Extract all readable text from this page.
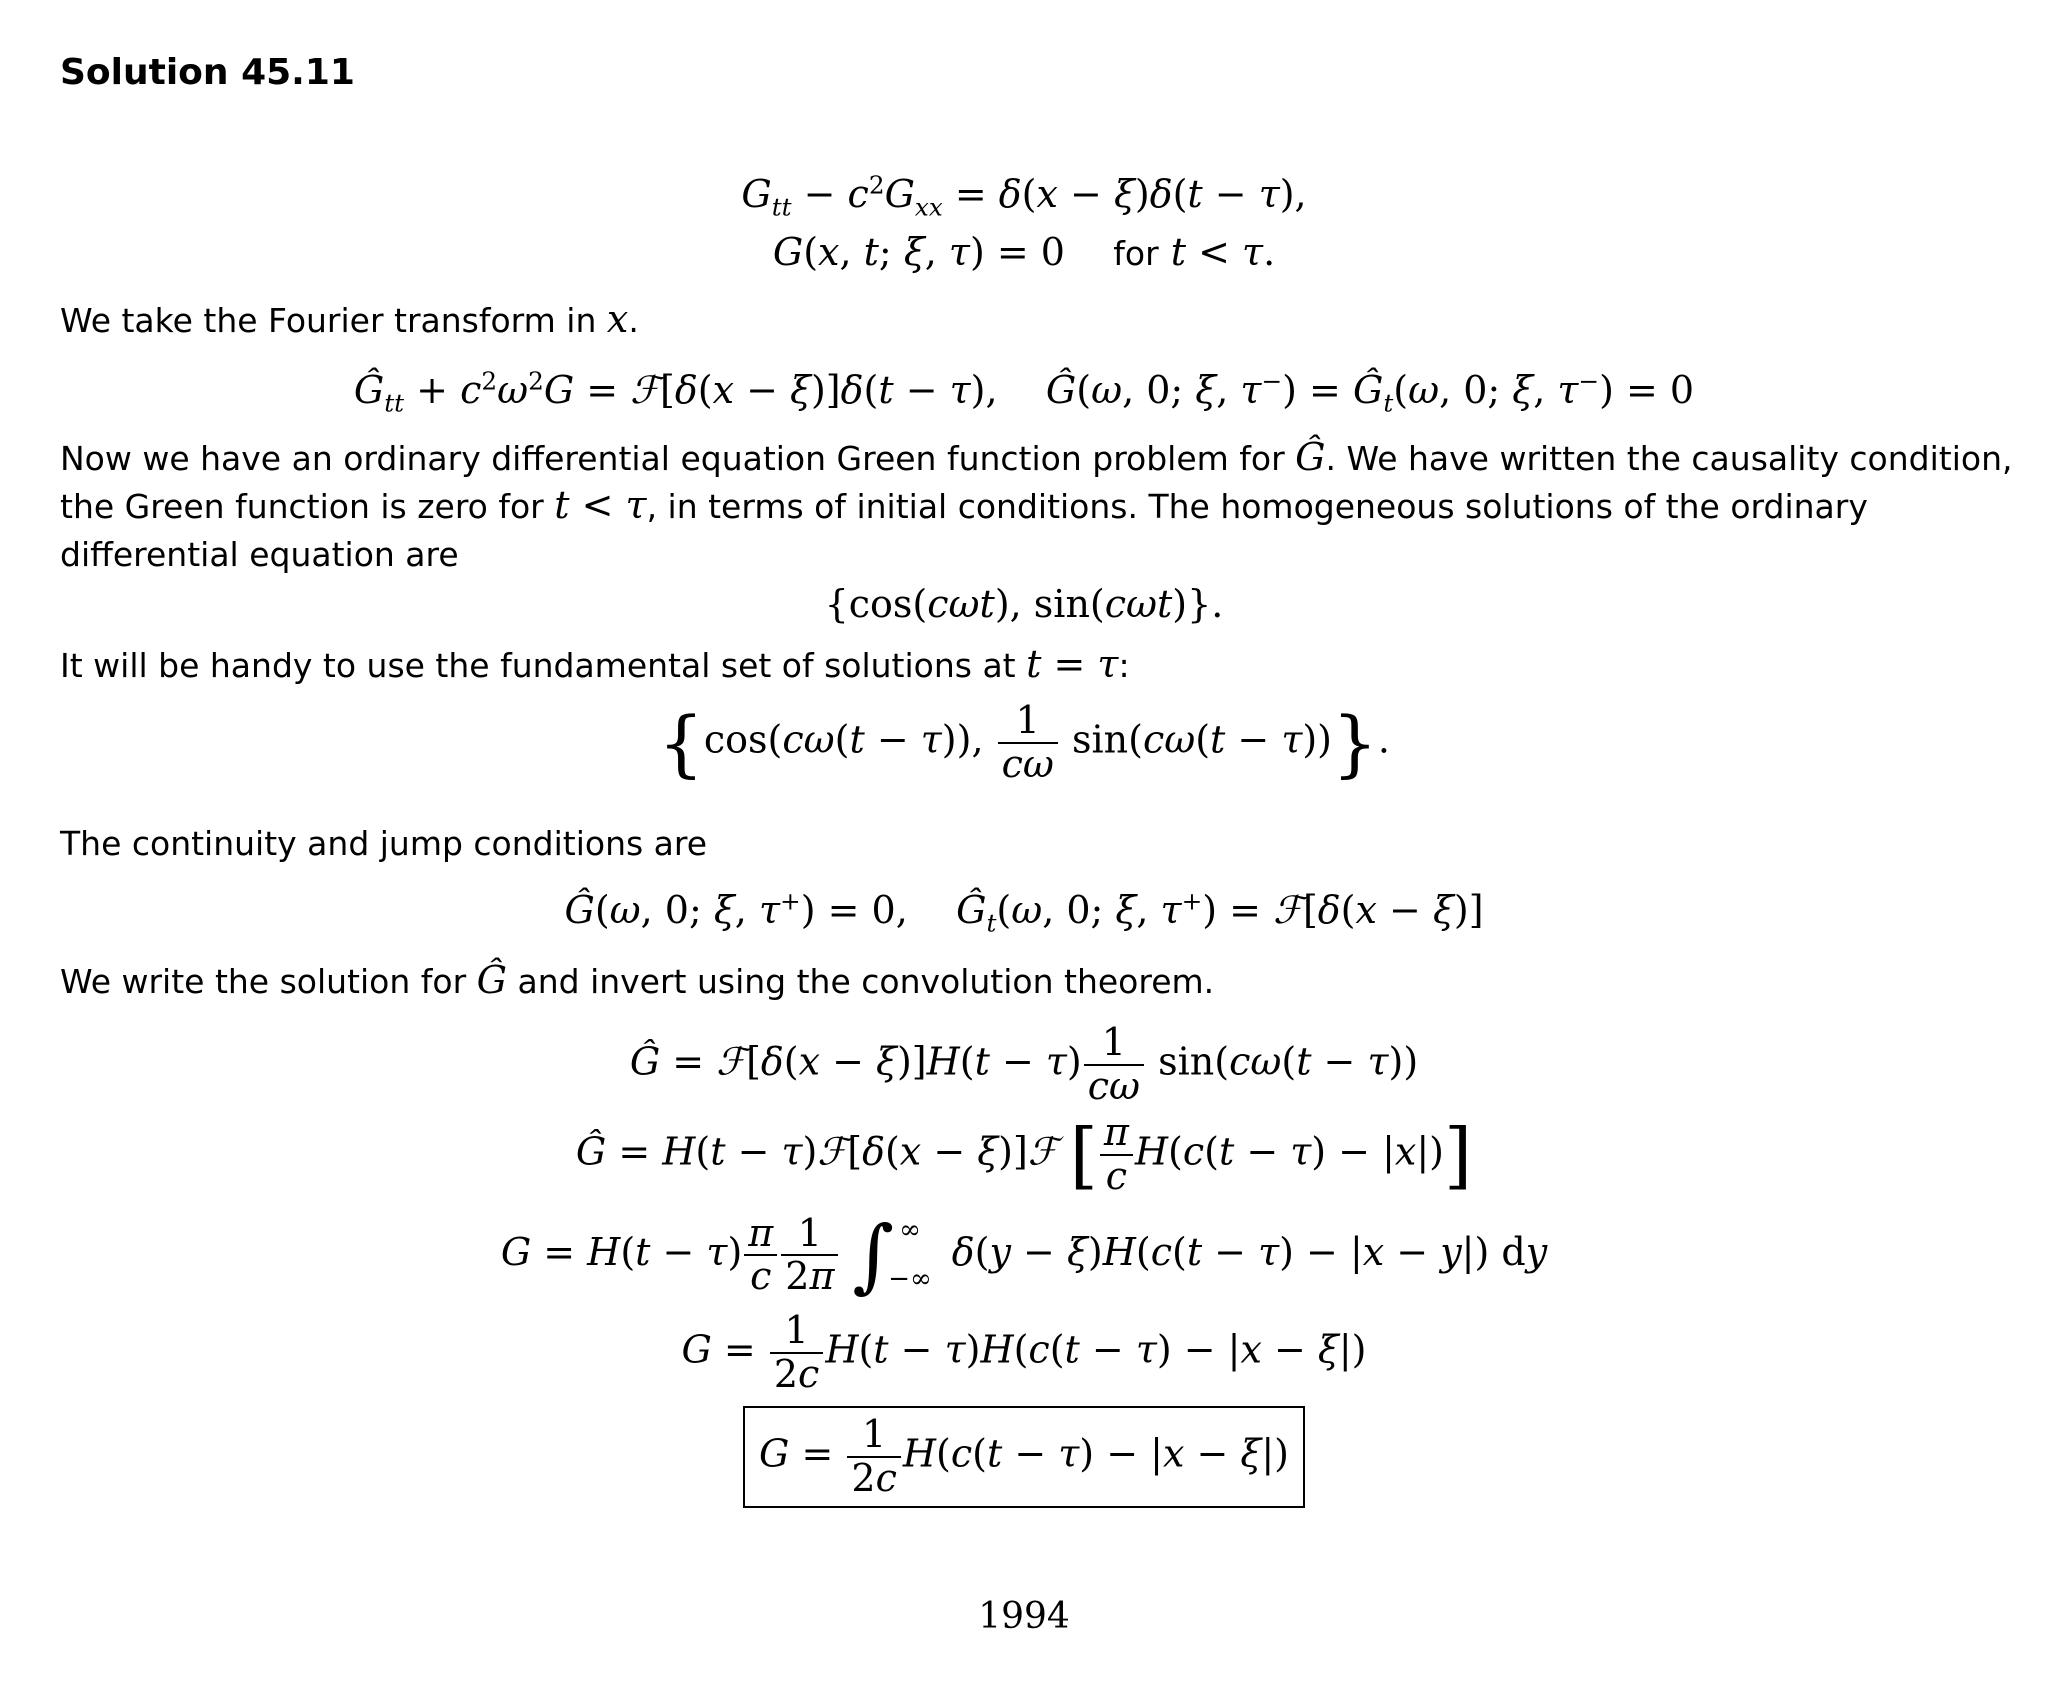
Solution 45.11
$G_{tt} - c^2G_{xx} = \delta(x - \xi)\delta(t - \tau)$,
G(x, t; ξ, τ) = 0    for t < τ.
We take the Fourier transform in x.
$Ĝ_{tt} + c^2\omega^2G$ = ℱ[δ(x − ξ)]δ(t − τ),    Ĝ(ω, 0; ξ, $\tau^-) = Ĝ_t(\omega$, 0; ξ, τ−) = 0
Now we have an ordinary differential equation Green function problem for Ĝ. We have written the causality condition, the Green function is zero for t < τ, in terms of initial conditions. The homogeneous solutions of the ordinary differential equation are
{cos(cωt), sin(cωt)}.
It will be handy to use the fundamental set of solutions at t = τ:
{cos(cω(t − τ)), $\frac{1}{c\omega} \sin(c\omega(t - \tau))$}.
The continuity and jump conditions are
Ĝ(ω, 0; ξ, τ+) = 0,    $Ĝ_t(\omega$, 0; ξ, τ+) = ℱ[δ(x − ξ)]
We write the solution for Ĝ and invert using the convolution theorem.
Ĝ = ℱ[δ(x − $\xi)]H(t - \tau) \frac{1}{c\omega} \sin(c\omega(t - \tau))$
Ĝ = H(t − τ)ℱ[δ(x − ξ)]ℱ [ $\frac{\pi}{c} H(c(t - \tau) - |x|)$]
$G = H(t - \tau) \frac{\pi}{c} \frac{1}{2\pi}$ ∫ ∞
−∞
δ(y − ξ)H(c(t − τ) − |x − y|) dy
$G = \frac{1}{2c} H(t - \tau)H(c(t - \tau) - |x - \xi|)$
$G = \frac{1}{2c} H(c(t - \tau) - |x - \xi|)$
1994
